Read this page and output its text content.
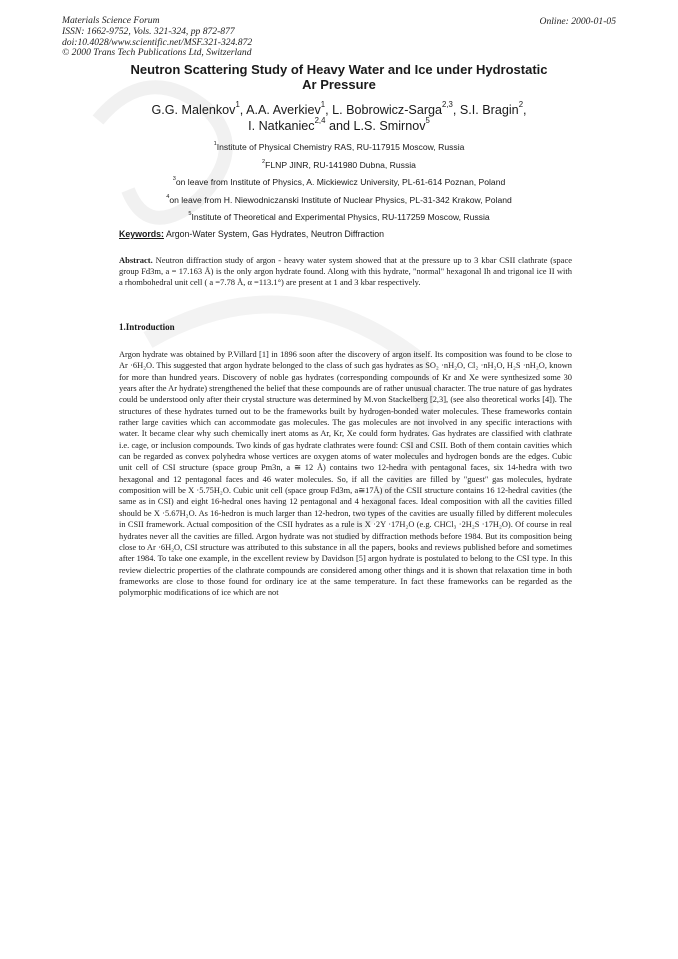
Materials Science Forum
ISSN: 1662-9752, Vols. 321-324, pp 872-877
doi:10.4028/www.scientific.net/MSF.321-324.872
© 2000 Trans Tech Publications Ltd, Switzerland
Online: 2000-01-05
Neutron Scattering Study of Heavy Water and Ice under Hydrostatic
Ar Pressure
G.G. Malenkov$^1$, A.A. Averkiev$^1$, L. Bobrowicz-Sarga$^{2,3}$, S.I. Bragin$^2$,
I. Natkaniec$^{2,4}$ and L.S. Smirnov$^5$
$^1$Institute of Physical Chemistry RAS, RU-117915 Moscow, Russia
$^2$FLNP JINR, RU-141980 Dubna, Russia
$^3$on leave from Institute of Physics, A. Mickiewicz University, PL-61-614 Poznan, Poland
$^4$on leave from H. Niewodniczanski Institute of Nuclear Physics, PL-31-342 Krakow, Poland
$^5$Institute of Theoretical and Experimental Physics, RU-117259 Moscow, Russia
Keywords: Argon-Water System, Gas Hydrates, Neutron Diffraction
Abstract. Neutron diffraction study of argon - heavy water system showed that at the pressure up to 3 kbar CSII clathrate (space group Fd3m, a = 17.163 Å) is the only argon hydrate found. Along with this hydrate, "normal" hexagonal Ih and trigonal ice II with a rhombohedral unit cell ( a =7.78 Å, α =113.1°) are present at 1 and 3 kbar respectively.
1.Introduction
Argon hydrate was obtained by P.Villard [1] in 1896 soon after the discovery of argon itself. Its composition was found to be close to Ar ·6H₂O. This suggested that argon hydrate belonged to the class of such gas hydrates as SO₂ ·nH₂O, Cl₂ ·nH₂O, H₂S ·nH₂O, known for more than hundred years. Discovery of noble gas hydrates (corresponding compounds of Kr and Xe were synthesized some 30 years after the Ar hydrate) strengthened the belief that these compounds are of rather unusual character. The true nature of gas hydrates could be understood only after their crystal structure was determined by M.von Stackelberg [2,3], (see also theoretical works [4]). The structures of these hydrates turned out to be the frameworks built by hydrogen-bonded water molecules. These frameworks contain rather large cavities which can accommodate gas molecules. The gas molecules are not involved in any specific interactions with water. It became clear why such chemically inert atoms as Ar, Kr, Xe could form hydrates. Gas hydrates are classified with clathrate i.e. cage, or inclusion compounds. Two kinds of gas hydrate clathrates were found: CSI and CSII. Both of them contain cavities which can be regarded as convex polyhedra whose vertices are oxygen atoms of water molecules and hydrogen bonds are the edges. Cubic unit cell of CSI structure (space group Pm3n, a ≅ 12 Å) contains two 12-hedra with pentagonal faces, six 14-hedra with two hexagonal and 12 pentagonal faces and 46 water molecules. So, if all the cavities are filled by "guest" gas molecules, hydrate composition will be X ·5.75H₂O. Cubic unit cell (space group Fd3m, a≅17Å) of the CSII structure contains 16 12-hedral cavities (the same as in CSI) and eight 16-hedral ones having 12 pentagonal and 4 hexagonal faces. Ideal composition with all the cavities filled should be X ·5.67H₂O. As 16-hedron is much larger than 12-hedron, two types of the cavities are usually filled by different molecules in CSII framework. Actual composition of the CSII hydrates as a rule is X ·2Y ·17H₂O (e.g. CHCl₃ ·2H₂S ·17H₂O). Of course in real hydrates never all the cavities are filled. Argon hydrate was not studied by diffraction methods before 1984. But its composition being close to Ar ·6H₂O, CSI structure was attributed to this substance in all the papers, books and reviews published before and sometimes after 1984. To take one example, in the excellent review by Davidson [5] argon hydrate is postulated to belong to the CSI type. In this review dielectric properties of the clathrate compounds are considered among other things and it is shown that relaxation time in both frameworks are close to those found for ordinary ice at the same temperature. In fact these frameworks can be regarded as the polymorphic modifications of ice which are not
